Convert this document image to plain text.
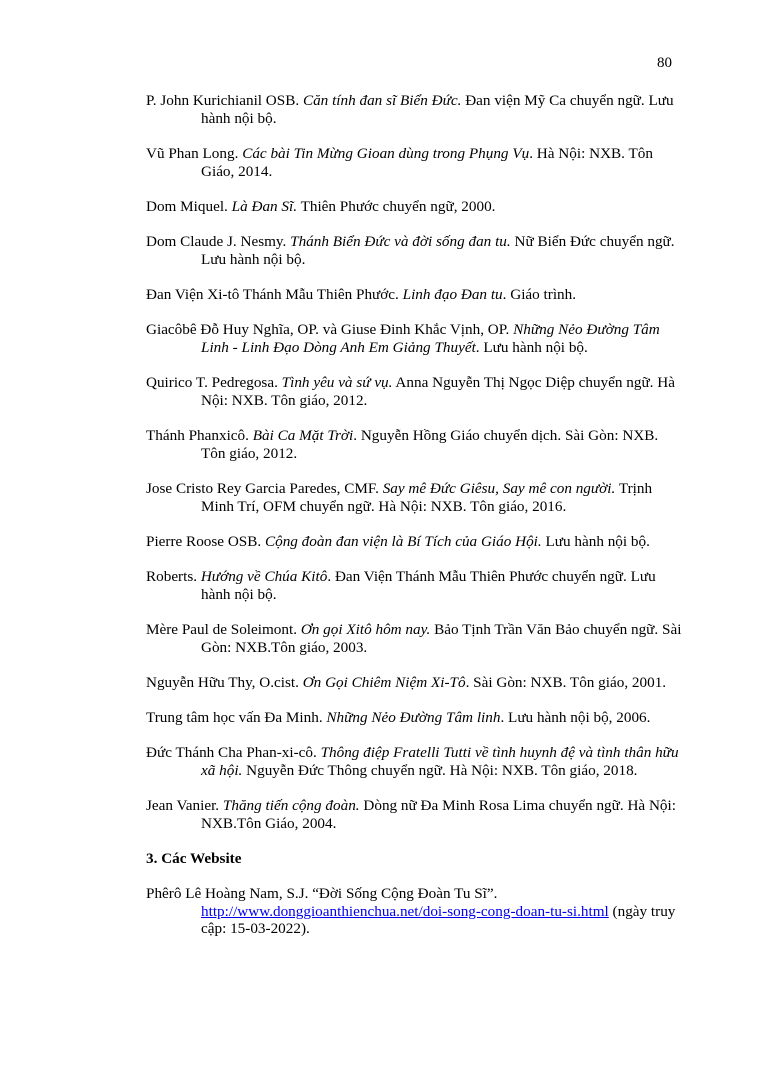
80
P. John Kurichianil OSB. Căn tính đan sĩ Biển Đức. Đan viện Mỹ Ca chuyển ngữ. Lưu hành nội bộ.
Vũ Phan Long. Các bài Tin Mừng Gioan dùng trong Phụng Vụ. Hà Nội: NXB. Tôn Giáo, 2014.
Dom Miquel. Là Đan Sĩ. Thiên Phước chuyển ngữ, 2000.
Dom Claude J. Nesmy. Thánh Biển Đức và đời sống đan tu. Nữ Biển Đức chuyển ngữ. Lưu hành nội bộ.
Đan Viện Xi-tô Thánh Mẫu Thiên Phước. Linh đạo Đan tu. Giáo trình.
Giacôbê Đỗ Huy Nghĩa, OP. và Giuse Đinh Khắc Vịnh, OP. Những Nẻo Đường Tâm Linh - Linh Đạo Dòng Anh Em Giảng Thuyết. Lưu hành nội bộ.
Quirico T. Pedregosa. Tình yêu và sứ vụ. Anna Nguyễn Thị Ngọc Diệp chuyển ngữ. Hà Nội: NXB. Tôn giáo, 2012.
Thánh Phanxicô. Bài Ca Mặt Trời. Nguyễn Hồng Giáo chuyển dịch. Sài Gòn: NXB. Tôn giáo, 2012.
Jose Cristo Rey Garcia Paredes, CMF. Say mê Đức Giêsu, Say mê con người. Trịnh Minh Trí, OFM chuyển ngữ. Hà Nội: NXB. Tôn giáo, 2016.
Pierre Roose OSB. Cộng đoàn đan viện là Bí Tích của Giáo Hội. Lưu hành nội bộ.
Roberts. Hướng về Chúa Kitô. Đan Viện Thánh Mẫu Thiên Phước chuyển ngữ. Lưu hành nội bộ.
Mère Paul de Soleimont. Ơn gọi Xitô hôm nay. Bảo Tịnh Trần Văn Bảo chuyển ngữ. Sài Gòn: NXB.Tôn giáo, 2003.
Nguyễn Hữu Thy, O.cist. Ơn Gọi Chiêm Niệm Xi-Tô. Sài Gòn: NXB. Tôn giáo, 2001.
Trung tâm học vấn Đa Minh. Những Nẻo Đường Tâm linh. Lưu hành nội bộ, 2006.
Đức Thánh Cha Phan-xi-cô. Thông điệp Fratelli Tutti về tình huynh đệ và tình thân hữu xã hội. Nguyễn Đức Thông chuyển ngữ. Hà Nội: NXB. Tôn giáo, 2018.
Jean Vanier. Thăng tiến cộng đoàn. Dòng nữ Đa Minh Rosa Lima chuyển ngữ. Hà Nội: NXB.Tôn Giáo, 2004.
3. Các Website
Phêrô Lê Hoàng Nam, S.J. “Đời Sống Cộng Đoàn Tu Sĩ”. http://www.donggioanthienchua.net/doi-song-cong-doan-tu-si.html (ngày truy cập: 15-03-2022).
